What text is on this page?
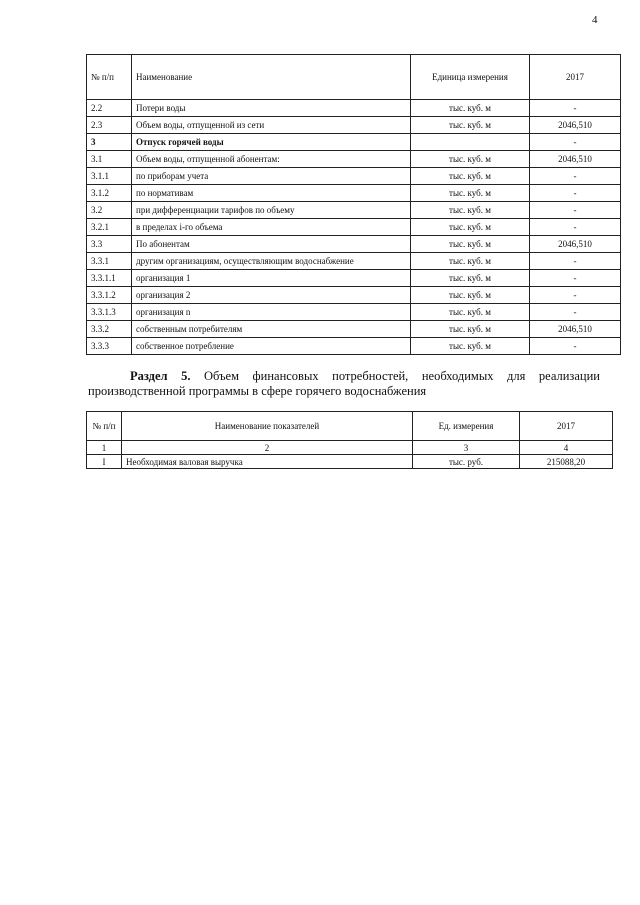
4
№ п/п	Наименование	Единица измерения	2017
2.2	Потери воды	тыс. куб. м	-
2.3	Объем воды, отпущенной из сети	тыс. куб. м	2046,510
3	Отпуск горячей воды		-
3.1	Объем воды, отпущенной абонентам:	тыс. куб. м	2046,510
3.1.1	по приборам учета	тыс. куб. м	-
3.1.2	по нормативам	тыс. куб. м	-
3.2	при дифференциации тарифов по объему	тыс. куб. м	-
3.2.1	в пределах i-го объема	тыс. куб. м	-
3.3	По абонентам	тыс. куб. м	2046,510
3.3.1	другим организациям, осуществляющим водоснабжение	тыс. куб. м	-
3.3.1.1	организация 1	тыс. куб. м	-
3.3.1.2	организация 2	тыс. куб. м	-
3.3.1.3	организация n	тыс. куб. м	-
3.3.2	собственным потребителям	тыс. куб. м	2046,510
3.3.3	собственное потребление	тыс. куб. м	-
Раздел 5. Объем финансовых потребностей, необходимых для реализации производственной программы в сфере горячего водоснабжения
№ п/п	Наименование показателей	Ед. измерения	2017
1	2	3	4
I	Необходимая валовая выручка	тыс. руб.	215088,20
